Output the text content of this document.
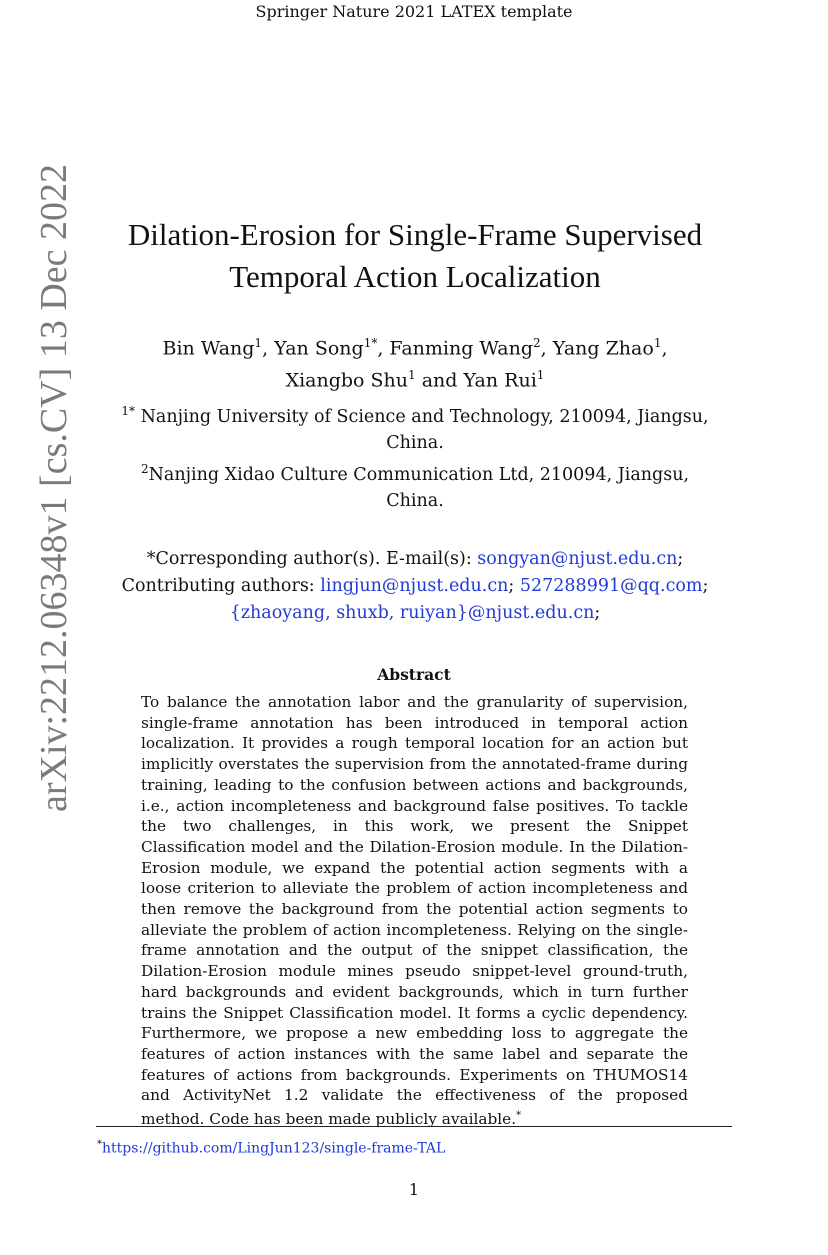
Springer Nature 2021 LATEX template
arXiv:2212.06348v1 [cs.CV] 13 Dec 2022	Dilation-Erosion for Single-Frame Supervised
Temporal Action Localization
Bin Wang$^1$, Yan Song$^{1*}$, Fanming Wang$^2$, Yang Zhao$^1$, Xiangbo Shu$^1$ and Yan Rui$^1$
$^{1*}$ Nanjing University of Science and Technology, 210094, Jiangsu, China.
$^2$Nanjing Xidao Culture Communication Ltd, 210094, Jiangsu, China.
*Corresponding author(s). E-mail(s): songyan@njust.edu.cn;
Contributing authors: lingjun@njust.edu.cn; 527288991@qq.com;
{zhaoyang, shuxb, ruiyan}@njust.edu.cn;
Abstract

To balance the annotation labor and the granularity of supervision, single-frame annotation has been introduced in temporal action localization. It provides a rough temporal location for an action but implicitly overstates the supervision from the annotated-frame during training, leading to the confusion between actions and backgrounds, i.e., action incompleteness and background false positives. To tackle the two challenges, in this work, we present the Snippet Classification model and the Dilation-Erosion module. In the Dilation-Erosion module, we expand the potential action segments with a loose criterion to alleviate the problem of action incompleteness and then remove the background from the potential action segments to alleviate the problem of action incompleteness. Relying on the single-frame annotation and the output of the snippet classification, the Dilation-Erosion module mines pseudo snippet-level ground-truth, hard backgrounds and evident backgrounds, which in turn further trains the Snippet Classification model. It forms a cyclic dependency. Furthermore, we propose a new embedding loss to aggregate the features of action instances with the same label and separate the features of actions from backgrounds. Experiments on THUMOS14 and ActivityNet 1.2 validate the effectiveness of the proposed method. Code has been made publicly available.*

*https://github.com/LingJun123/single-frame-TAL
1
